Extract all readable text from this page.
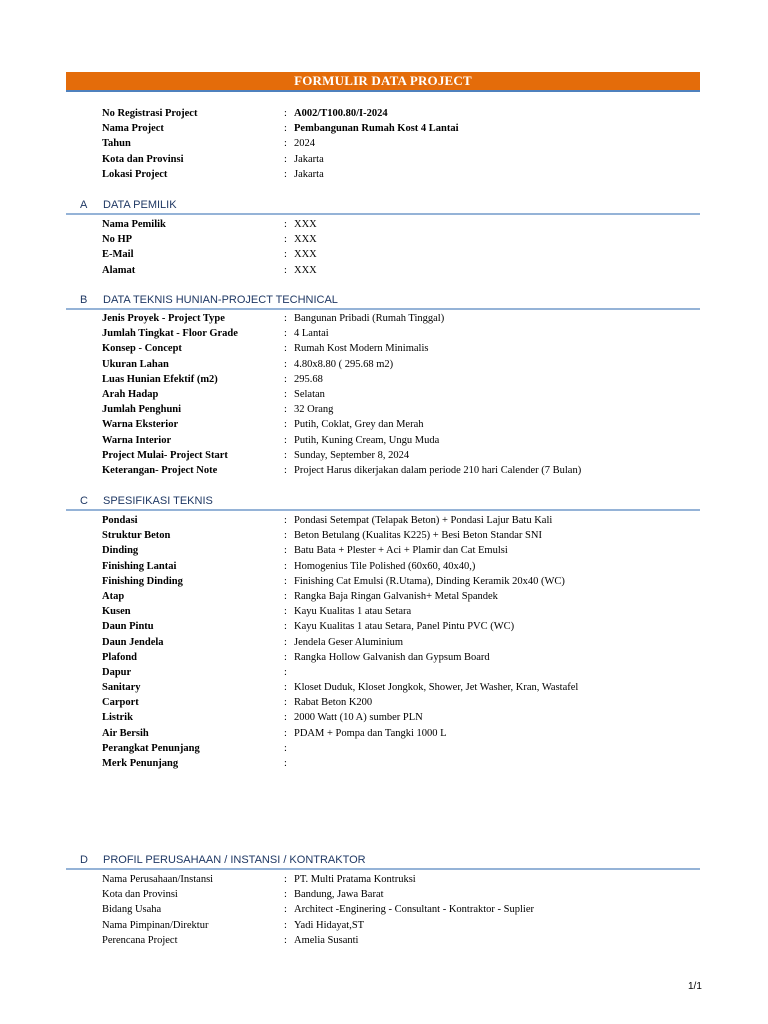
FORMULIR DATA PROJECT
No Registrasi Project	: A002/T100.80/I-2024
Nama Project	: Pembangunan Rumah Kost 4 Lantai
Tahun	: 2024
Kota dan Provinsi	: Jakarta
Lokasi Project	: Jakarta
A DATA PEMILIK
Nama Pemilik	: XXX
No HP	: XXX
E-Mail	: XXX
Alamat	: XXX
B DATA TEKNIS HUNIAN-PROJECT TECHNICAL
Jenis Proyek - Project Type	: Bangunan Pribadi (Rumah Tinggal)
Jumlah Tingkat - Floor Grade	: 4 Lantai
Konsep - Concept	: Rumah Kost Modern Minimalis
Ukuran Lahan	: 4.80x8.80 ( 295.68 m2)
Luas Hunian Efektif (m2)	: 295.68
Arah Hadap	: Selatan
Jumlah Penghuni	: 32 Orang
Warna Eksterior	: Putih, Coklat, Grey dan Merah
Warna Interior	: Putih, Kuning Cream, Ungu Muda
Project Mulai- Project Start	: Sunday, September 8, 2024
Keterangan- Project Note	: Project Harus dikerjakan dalam periode 210 hari Calender (7 Bulan)
C SPESIFIKASI TEKNIS
Pondasi	: Pondasi Setempat (Telapak Beton) + Pondasi Lajur Batu Kali
Struktur Beton	: Beton Betulang (Kualitas K225) + Besi Beton Standar SNI
Dinding	: Batu Bata + Plester + Aci + Plamir dan Cat Emulsi
Finishing Lantai	: Homogenius Tile Polished (60x60, 40x40,)
Finishing Dinding	: Finishing Cat Emulsi (R.Utama), Dinding Keramik 20x40 (WC)
Atap	: Rangka Baja Ringan Galvanish+ Metal Spandek
Kusen	: Kayu Kualitas 1 atau Setara
Daun Pintu	: Kayu Kualitas 1 atau Setara, Panel Pintu PVC (WC)
Daun Jendela	: Jendela Geser Aluminium
Plafond	: Rangka Hollow Galvanish dan Gypsum Board
Dapur	:
Sanitary	: Kloset Duduk, Kloset Jongkok, Shower, Jet Washer, Kran, Wastafel
Carport	: Rabat Beton K200
Listrik	: 2000 Watt (10 A) sumber PLN
Air Bersih	: PDAM + Pompa dan Tangki 1000 L
Perangkat Penunjang	:
Merk Penunjang	:
D PROFIL PERUSAHAAN / INSTANSI / KONTRAKTOR
Nama Perusahaan/Instansi	: PT. Multi Pratama Kontruksi
Kota dan Provinsi	: Bandung, Jawa Barat
Bidang Usaha	: Architect -Enginering - Consultant - Kontraktor - Suplier
Nama Pimpinan/Direktur	: Yadi Hidayat,ST
Perencana Project	: Amelia Susanti
1/1
